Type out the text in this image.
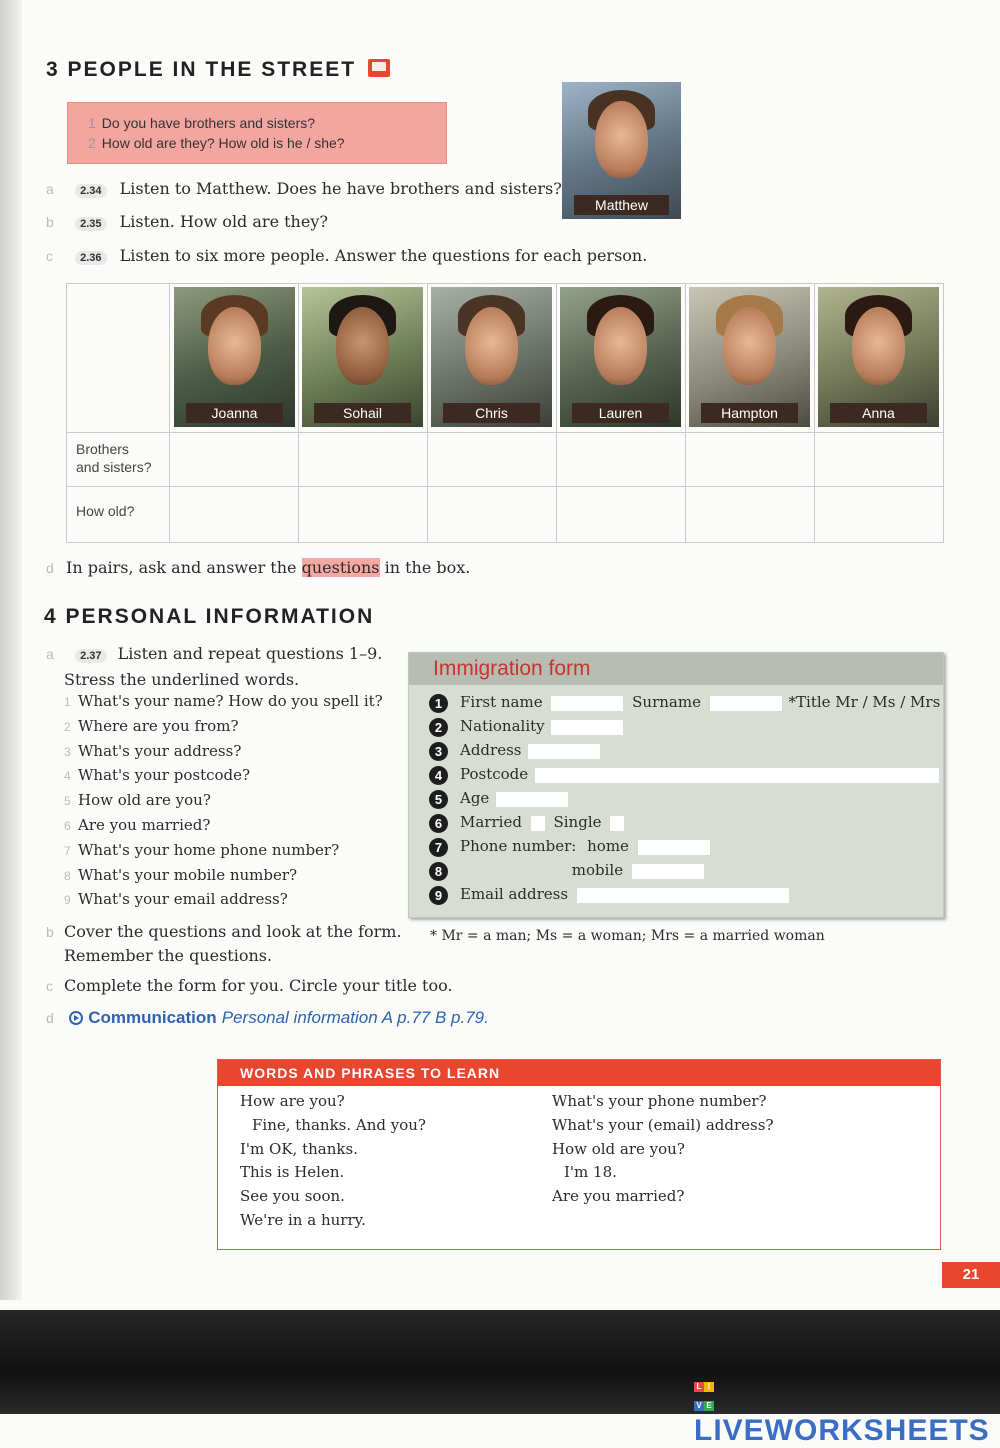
3 PEOPLE IN THE STREET
1 Do you have brothers and sisters?
2 How old are they? How old is he / she?
a 2.34 Listen to Matthew. Does he have brothers and sisters?
b 2.35 Listen. How old are they?
c 2.36 Listen to six more people. Answer the questions for each person.
Matthew
Joanna	Sohail	Chris	Lauren	Hampton	Anna
Brothers
and sisters?
How old?
d In pairs, ask and answer the questions in the box.
4 PERSONAL INFORMATION
a 2.37 Listen and repeat questions 1–9.
Stress the underlined words.
1 What's your name? How do you spell it?
2 Where are you from?
3 What's your address?
4 What's your postcode?
5 How old are you?
6 Are you married?
7 What's your home phone number?
8 What's your mobile number?
9 What's your email address?
Immigration form
1 First name	Surname	*Title Mr / Ms / Mrs
2 Nationality
3 Address
4 Postcode
5 Age
6 Married Single
7 Phone number: home
8	mobile
9 Email address
* Mr = a man; Ms = a woman; Mrs = a married woman
b Cover the questions and look at the form.
Remember the questions.
c Complete the form for you. Circle your title too.
d Communication Personal information A p.77 B p.79.
WORDS AND PHRASES TO LEARN
How are you?
Fine, thanks. And you?
I'm OK, thanks.
This is Helen.
See you soon.
We're in a hurry.
What's your phone number?
What's your (email) address?
How old are you?
I'm 18.
Are you married?
21
L IV E LIVEWORKSHEETS
